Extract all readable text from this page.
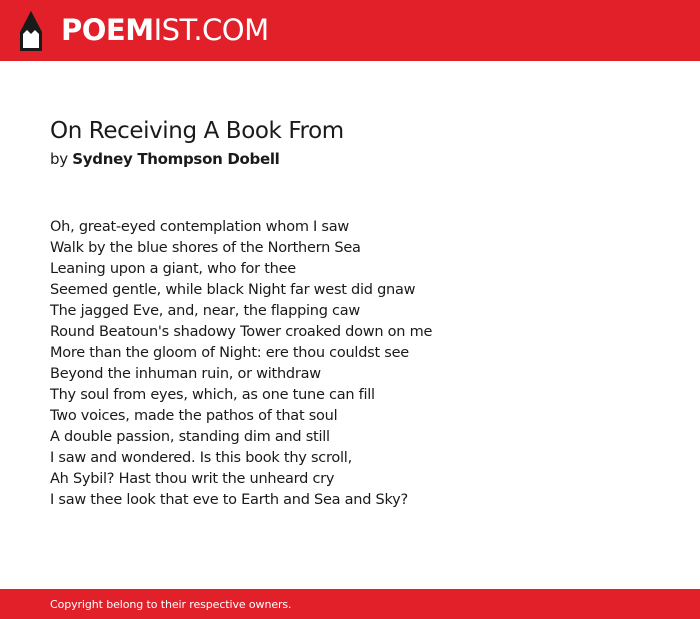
POEM IST.COM
On Receiving A Book From
by Sydney Thompson Dobell
Oh, great-eyed contemplation whom I saw
Walk by the blue shores of the Northern Sea
Leaning upon a giant, who for thee
Seemed gentle, while black Night far west did gnaw
The jagged Eve, and, near, the flapping caw
Round Beatoun's shadowy Tower croaked down on me
More than the gloom of Night: ere thou couldst see
Beyond the inhuman ruin, or withdraw
Thy soul from eyes, which, as one tune can fill
Two voices, made the pathos of that soul
A double passion, standing dim and still
I saw and wondered. Is this book thy scroll,
Ah Sybil? Hast thou writ the unheard cry
I saw thee look that eve to Earth and Sea and Sky?
Copyright belong to their respective owners.
